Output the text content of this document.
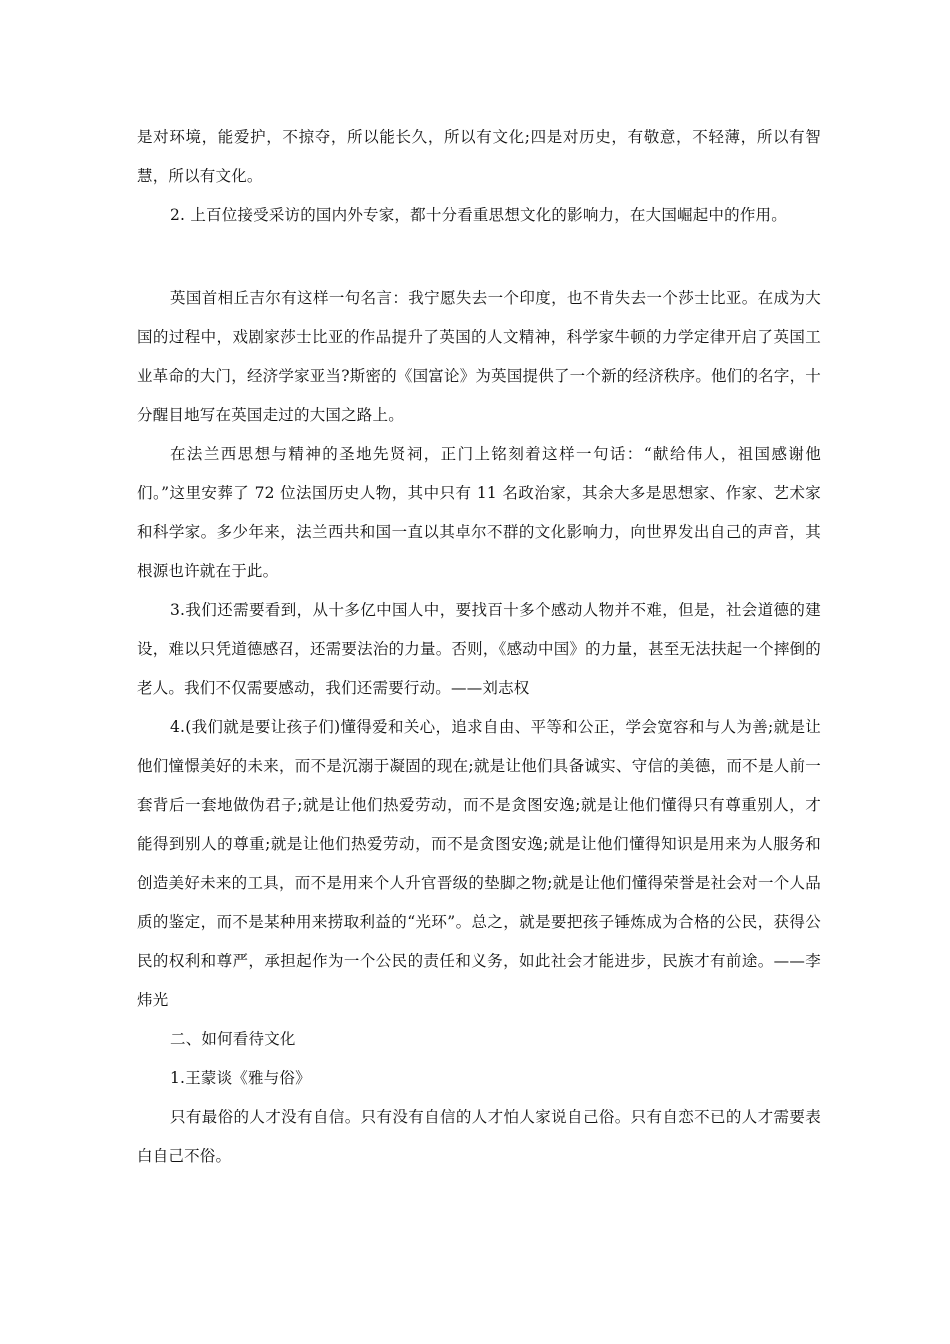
是对环境，能爱护，不掠夺，所以能长久，所以有文化;四是对历史，有敬意，不轻薄，所以有智慧，所以有文化。

2. 上百位接受采访的国内外专家，都十分看重思想文化的影响力，在大国崛起中的作用。

英国首相丘吉尔有这样一句名言：我宁愿失去一个印度，也不肯失去一个莎士比亚。在成为大国的过程中，戏剧家莎士比亚的作品提升了英国的人文精神，科学家牛顿的力学定律开启了英国工业革命的大门，经济学家亚当?斯密的《国富论》为英国提供了一个新的经济秩序。他们的名字，十分醒目地写在英国走过的大国之路上。

在法兰西思想与精神的圣地先贤祠，正门上铭刻着这样一句话：“献给伟人，祖国感谢他们。”这里安葬了 72 位法国历史人物，其中只有 11 名政治家，其余大多是思想家、作家、艺术家和科学家。多少年来，法兰西共和国一直以其卓尔不群的文化影响力，向世界发出自己的声音，其根源也许就在于此。

3.我们还需要看到，从十多亿中国人中，要找百十多个感动人物并不难，但是，社会道德的建设，难以只凭道德感召，还需要法治的力量。否则，《感动中国》的力量，甚至无法扶起一个摔倒的老人。我们不仅需要感动，我们还需要行动。——刘志权

4.(我们就是要让孩子们)懂得爱和关心，追求自由、平等和公正，学会宽容和与人为善;就是让他们憧憬美好的未来，而不是沉溺于凝固的现在;就是让他们具备诚实、守信的美德，而不是人前一套背后一套地做伪君子;就是让他们热爱劳动，而不是贪图安逸;就是让他们懂得只有尊重别人，才能得到别人的尊重;就是让他们热爱劳动，而不是贪图安逸;就是让他们懂得知识是用来为人服务和创造美好未来的工具，而不是用来个人升官晋级的垫脚之物;就是让他们懂得荣誉是社会对一个人品质的鉴定，而不是某种用来捞取利益的“光环”。总之，就是要把孩子锤炼成为合格的公民，获得公民的权利和尊严，承担起作为一个公民的责任和义务，如此社会才能进步，民族才有前途。——李炜光

二、如何看待文化

1.王蒙谈《雅与俗》

只有最俗的人才没有自信。只有没有自信的人才怕人家说自己俗。只有自恋不已的人才需要表白自己不俗。
